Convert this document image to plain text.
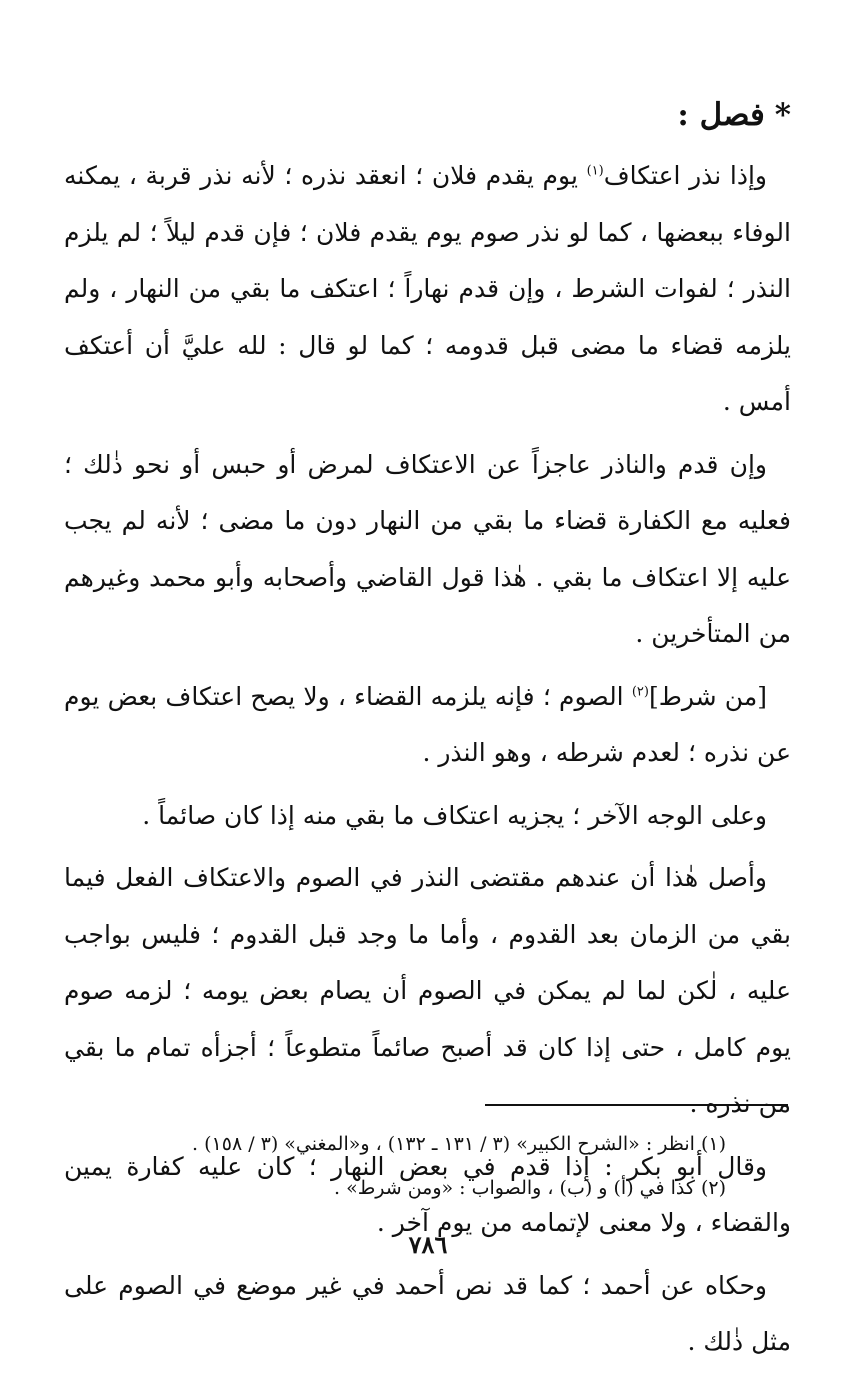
*فصل :

وإذا نذر اعتكاف$^{(١)}$ يوم يقدم فلان ؛ انعقد نذره ؛ لأنه نذر قربة ، يمكنه الوفاء ببعضها ، كما لو نذر صوم يوم يقدم فلان ؛ فإن قدم ليلاً ؛ لم يلزم النذر ؛ لفوات الشرط ، وإن قدم نهاراً ؛ اعتكف ما بقي من النهار ، ولم يلزمه قضاء ما مضى قبل قدومه ؛ كما لو قال : لله عليَّ أن أعتكف أمس .

وإن قدم والناذر عاجزاً عن الاعتكاف لمرض أو حبس أو نحو ذٰلك ؛ فعليه مع الكفارة قضاء ما بقي من النهار دون ما مضى ؛ لأنه لم يجب عليه إلا اعتكاف ما بقي . هٰذا قول القاضي وأصحابه وأبو محمد وغيرهم من المتأخرين .

[من شرط]$^{(٢)}$ الصوم ؛ فإنه يلزمه القضاء ، ولا يصح اعتكاف بعض يوم عن نذره ؛ لعدم شرطه ، وهو النذر .

وعلى الوجه الآخر ؛ يجزيه اعتكاف ما بقي منه إذا كان صائماً .

وأصل هٰذا أن عندهم مقتضى النذر في الصوم والاعتكاف الفعل فيما بقي من الزمان بعد القدوم ، وأما ما وجد قبل القدوم ؛ فليس بواجب عليه ، لٰكن لما لم يمكن في الصوم أن يصام بعض يومه ؛ لزمه صوم يوم كامل ، حتى إذا كان قد أصبح صائماً متطوعاً ؛ أجزأه تمام ما بقي من نذره .

وقال أبو بكر : إذا قدم في بعض النهار ؛ كان عليه كفارة يمين والقضاء ، ولا معنى لإتمامه من يوم آخر .

وحكاه عن أحمد ؛ كما قد نص أحمد في غير موضع في الصوم على مثل ذٰلك .

(١) انظر : «الشرح الكبير» (٣ / ١٣١ ـ ١٣٢) ، و«المغني» (٣ / ١٥٨) .

(٢) كذا في (أ) و (ب) ، والصواب : «ومن شرط» .

٧٨٦
